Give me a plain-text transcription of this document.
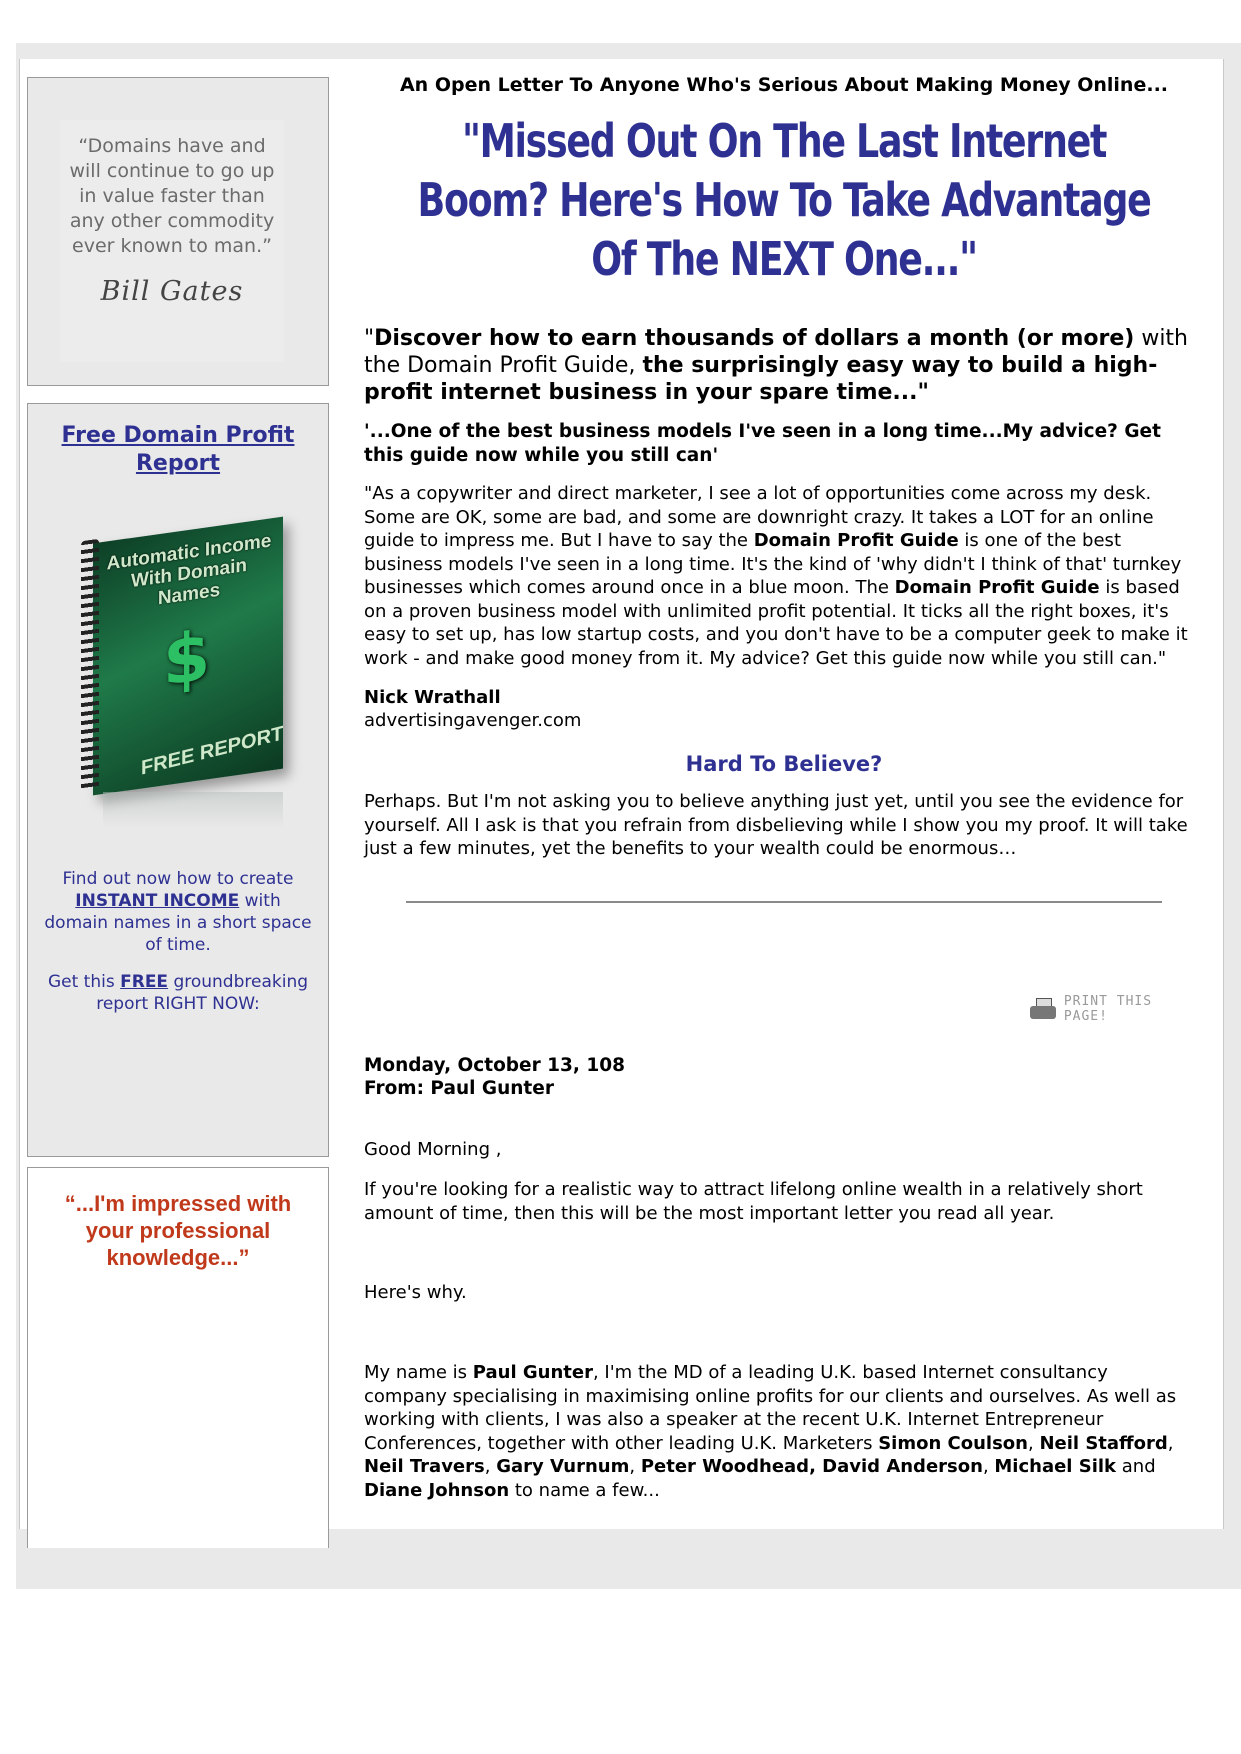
“Domains have and will continue to go up in value faster than any other commodity ever known to man.”
Bill Gates
Free Domain Profit Report
Automatic Income With Domain Names
$
FREE REPORT

Find out now how to create INSTANT INCOME with domain names in a short space of time.

Get this FREE groundbreaking report RIGHT NOW:

“...I'm impressed with your professional knowledge...”

An Open Letter To Anyone Who's Serious About Making Money Online...

"Missed Out On The Last Internet Boom? Here's How To Take Advantage Of The NEXT One..."
"Discover how to earn thousands of dollars a month (or more) with the Domain Profit Guide, the surprisingly easy way to build a high-profit internet business in your spare time..."
'...One of the best business models I've seen in a long time...My advice? Get this guide now while you still can'

"As a copywriter and direct marketer, I see a lot of opportunities come across my desk. Some are OK, some are bad, and some are downright crazy. It takes a LOT for an online guide to impress me. But I have to say the Domain Profit Guide is one of the best business models I've seen in a long time. It's the kind of 'why didn't I think of that' turnkey businesses which comes around once in a blue moon. The Domain Profit Guide is based on a proven business model with unlimited profit potential. It ticks all the right boxes, it's easy to set up, has low startup costs, and you don't have to be a computer geek to make it work - and make good money from it. My advice? Get this guide now while you still can."

Nick Wrathall
advertisingavenger.com
Hard To Believe?

Perhaps. But I'm not asking you to believe anything just yet, until you see the evidence for yourself. All I ask is that you refrain from disbelieving while I show you my proof. It will take just a few minutes, yet the benefits to your wealth could be enormous…

PRINT THIS PAGE!
Monday, October 13, 108
From: Paul Gunter
Good Morning ,
If you're looking for a realistic way to attract lifelong online wealth in a relatively short amount of time, then this will be the most important letter you read all year.
Here's why.
My name is Paul Gunter, I'm the MD of a leading U.K. based Internet consultancy company specialising in maximising online profits for our clients and ourselves. As well as working with clients, I was also a speaker at the recent U.K. Internet Entrepreneur Conferences, together with other leading U.K. Marketers Simon Coulson, Neil Stafford, Neil Travers, Gary Vurnum, Peter Woodhead, David Anderson, Michael Silk and Diane Johnson to name a few...
